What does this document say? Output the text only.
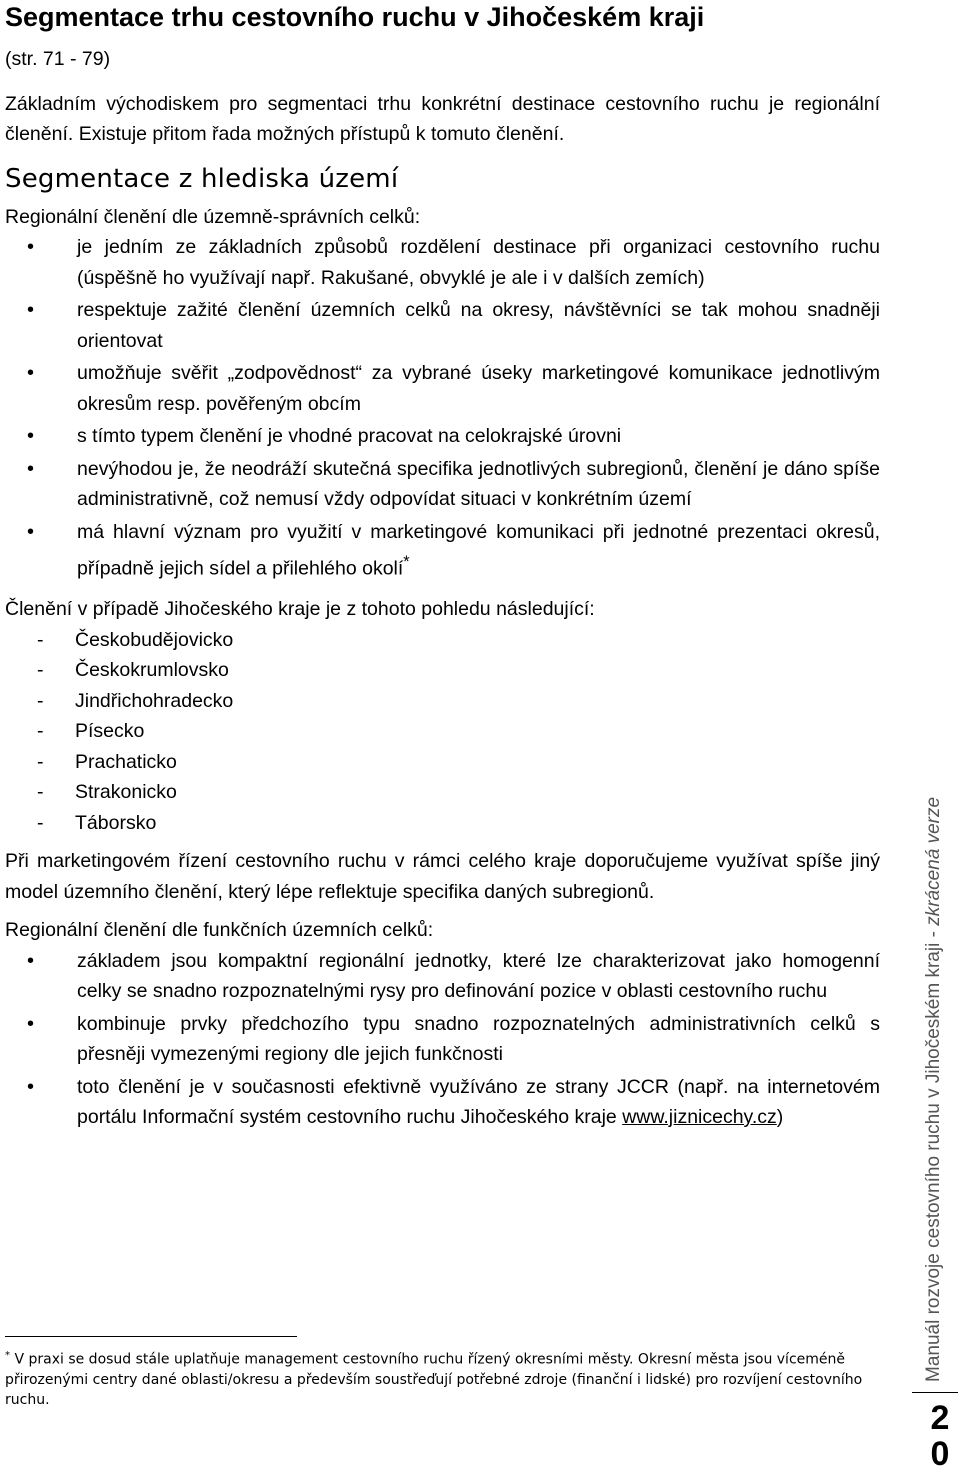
Segmentace trhu cestovního ruchu v Jihočeském kraji

(str. 71 - 79)

Základním východiskem pro segmentaci trhu konkrétní destinace cestovního ruchu je regionální členění. Existuje přitom řada možných přístupů k tomuto členění.

Segmentace z hlediska území

Regionální členění dle územně-správních celků:

• je jedním ze základních způsobů rozdělení destinace při organizaci cestovního ruchu (úspěšně ho využívají např. Rakušané, obvyklé je ale i v dalších zemích)
• respektuje zažité členění územních celků na okresy, návštěvníci se tak mohou snadněji orientovat
• umožňuje svěřit „zodpovědnost“ za vybrané úseky marketingové komunikace jednotlivým okresům resp. pověřeným obcím
• s tímto typem členění je vhodné pracovat na celokrajské úrovni
• nevýhodou je, že neodráží skutečná specifika jednotlivých subregionů, členění je dáno spíše administrativně, což nemusí vždy odpovídat situaci v konkrétním území
• má hlavní význam pro využití v marketingové komunikaci při jednotné prezentaci okresů, případně jejich sídel a přilehlého okolí*

Členění v případě Jihočeského kraje je z tohoto pohledu následující:

- Českobudějovicko
- Českokrumlovsko
- Jindřichohradecko
- Písecko
- Prachaticko
- Strakonicko
- Táborsko

Při marketingovém řízení cestovního ruchu v rámci celého kraje doporučujeme využívat spíše jiný model územního členění, který lépe reflektuje specifika daných subregionů.

Regionální členění dle funkčních územních celků:

• základem jsou kompaktní regionální jednotky, které lze charakterizovat jako homogenní celky se snadno rozpoznatelnými rysy pro definování pozice v oblasti cestovního ruchu
• kombinuje prvky předchozího typu snadno rozpoznatelných administrativních celků s přesněji vymezenými regiony dle jejich funkčnosti
• toto členění je v současnosti efektivně využíváno ze strany JCCR (např. na internetovém portálu Informační systém cestovního ruchu Jihočeského kraje www.jiznicechy.cz)
* V praxi se dosud stále uplatňuje management cestovního ruchu řízený okresními městy. Okresní města jsou víceméně přirozenými centry dané oblasti/okresu a především soustřeďují potřebné zdroje (finanční i lidské) pro rozvíjení cestovního ruchu.
Manuál rozvoje cestovního ruchu v Jihočeském kraji - zkrácená verze
2
0
